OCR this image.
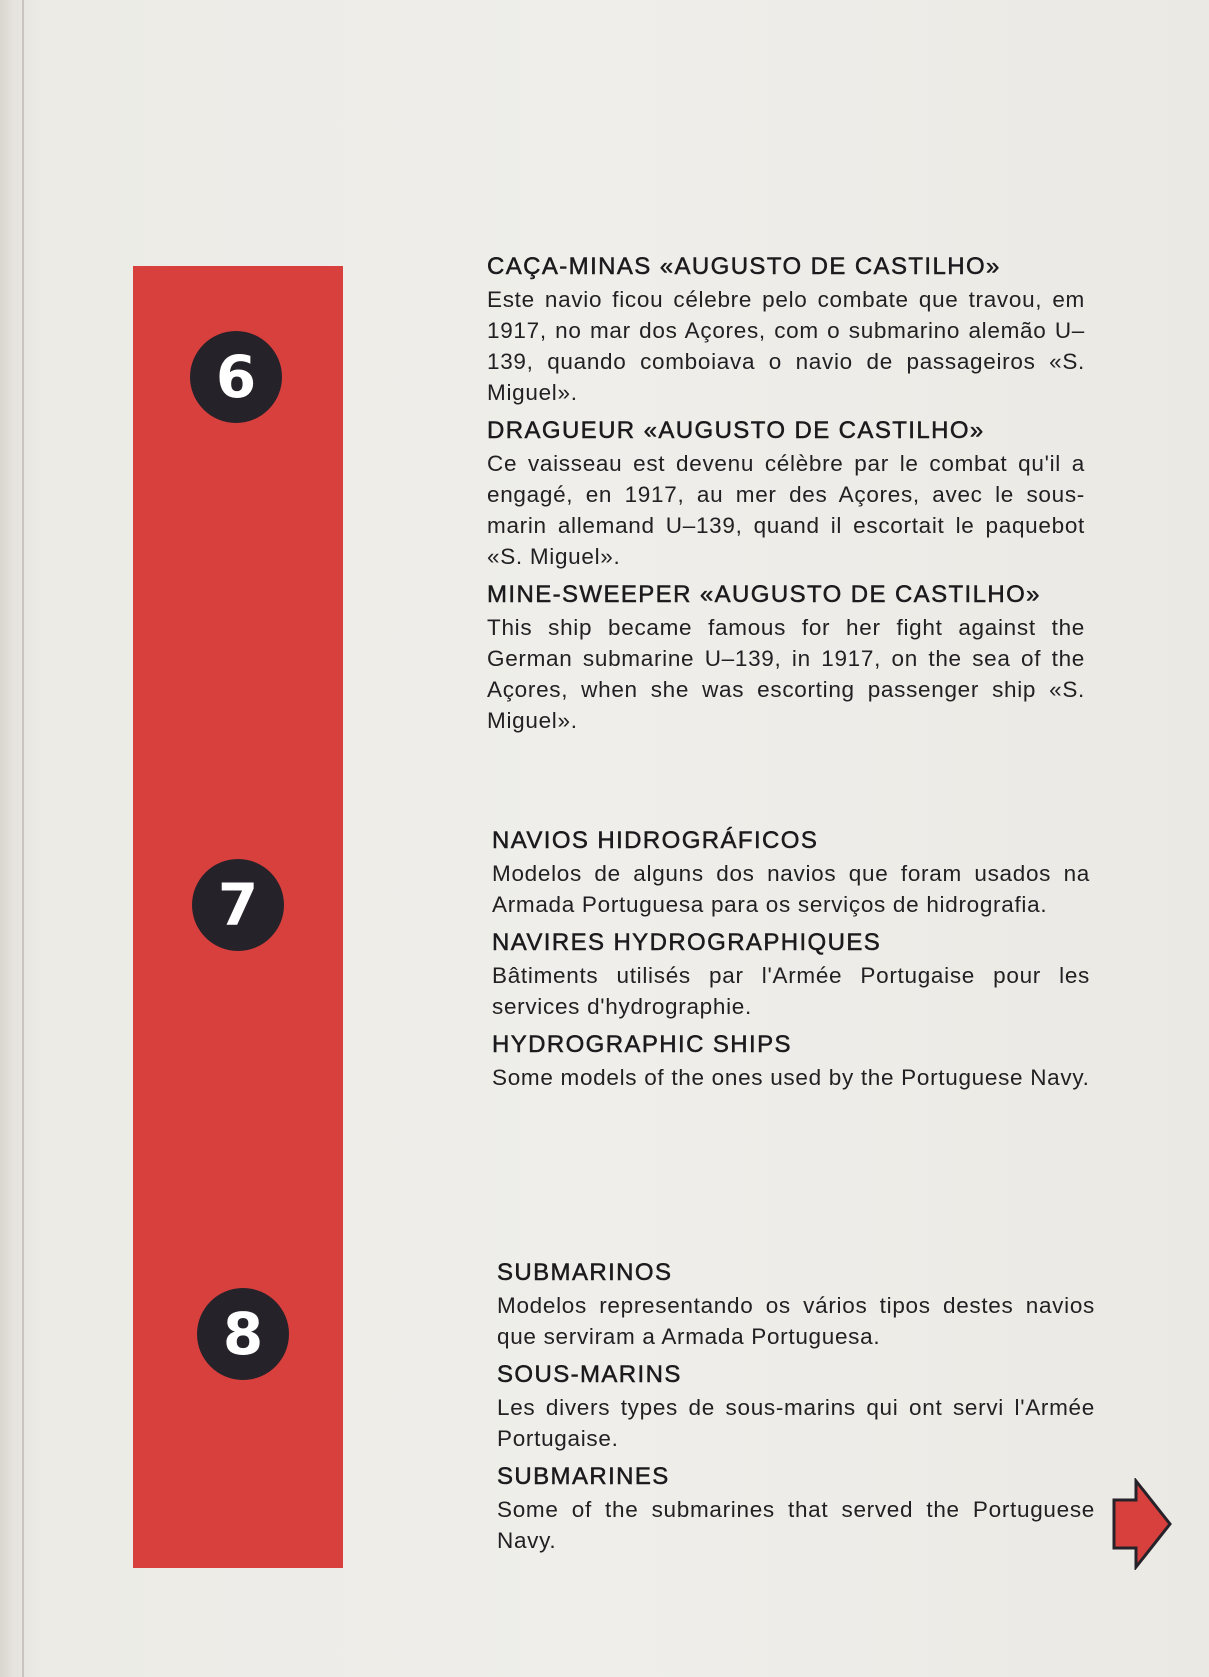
6
7
8
CAÇA-MINAS «AUGUSTO DE CASTILHO»

Este navio ficou célebre pelo combate que travou, em 1917, no mar dos Açores, com o submarino alemão U–139, quando comboiava o navio de passageiros «S. Miguel».

DRAGUEUR «AUGUSTO DE CASTILHO»

Ce vaisseau est devenu célèbre par le combat qu'il a engagé, en 1917, au mer des Açores, avec le sous-marin allemand U–139, quand il escortait le paquebot «S. Miguel».

MINE-SWEEPER «AUGUSTO DE CASTILHO»

This ship became famous for her fight against the German submarine U–139, in 1917, on the sea of the Açores, when she was escorting passenger ship «S. Miguel».

NAVIOS HIDROGRÁFICOS

Modelos de alguns dos navios que foram usados na Armada Portuguesa para os serviços de hidrografia.

NAVIRES HYDROGRAPHIQUES

Bâtiments utilisés par l'Armée Portugaise pour les services d'hydrographie.

HYDROGRAPHIC SHIPS

Some models of the ones used by the Portuguese Navy.

SUBMARINOS

Modelos representando os vários tipos destes navios que serviram a Armada Portuguesa.

SOUS-MARINS

Les divers types de sous-marins qui ont servi l'Armée Portugaise.

SUBMARINES

Some of the submarines that served the Portuguese Navy.
